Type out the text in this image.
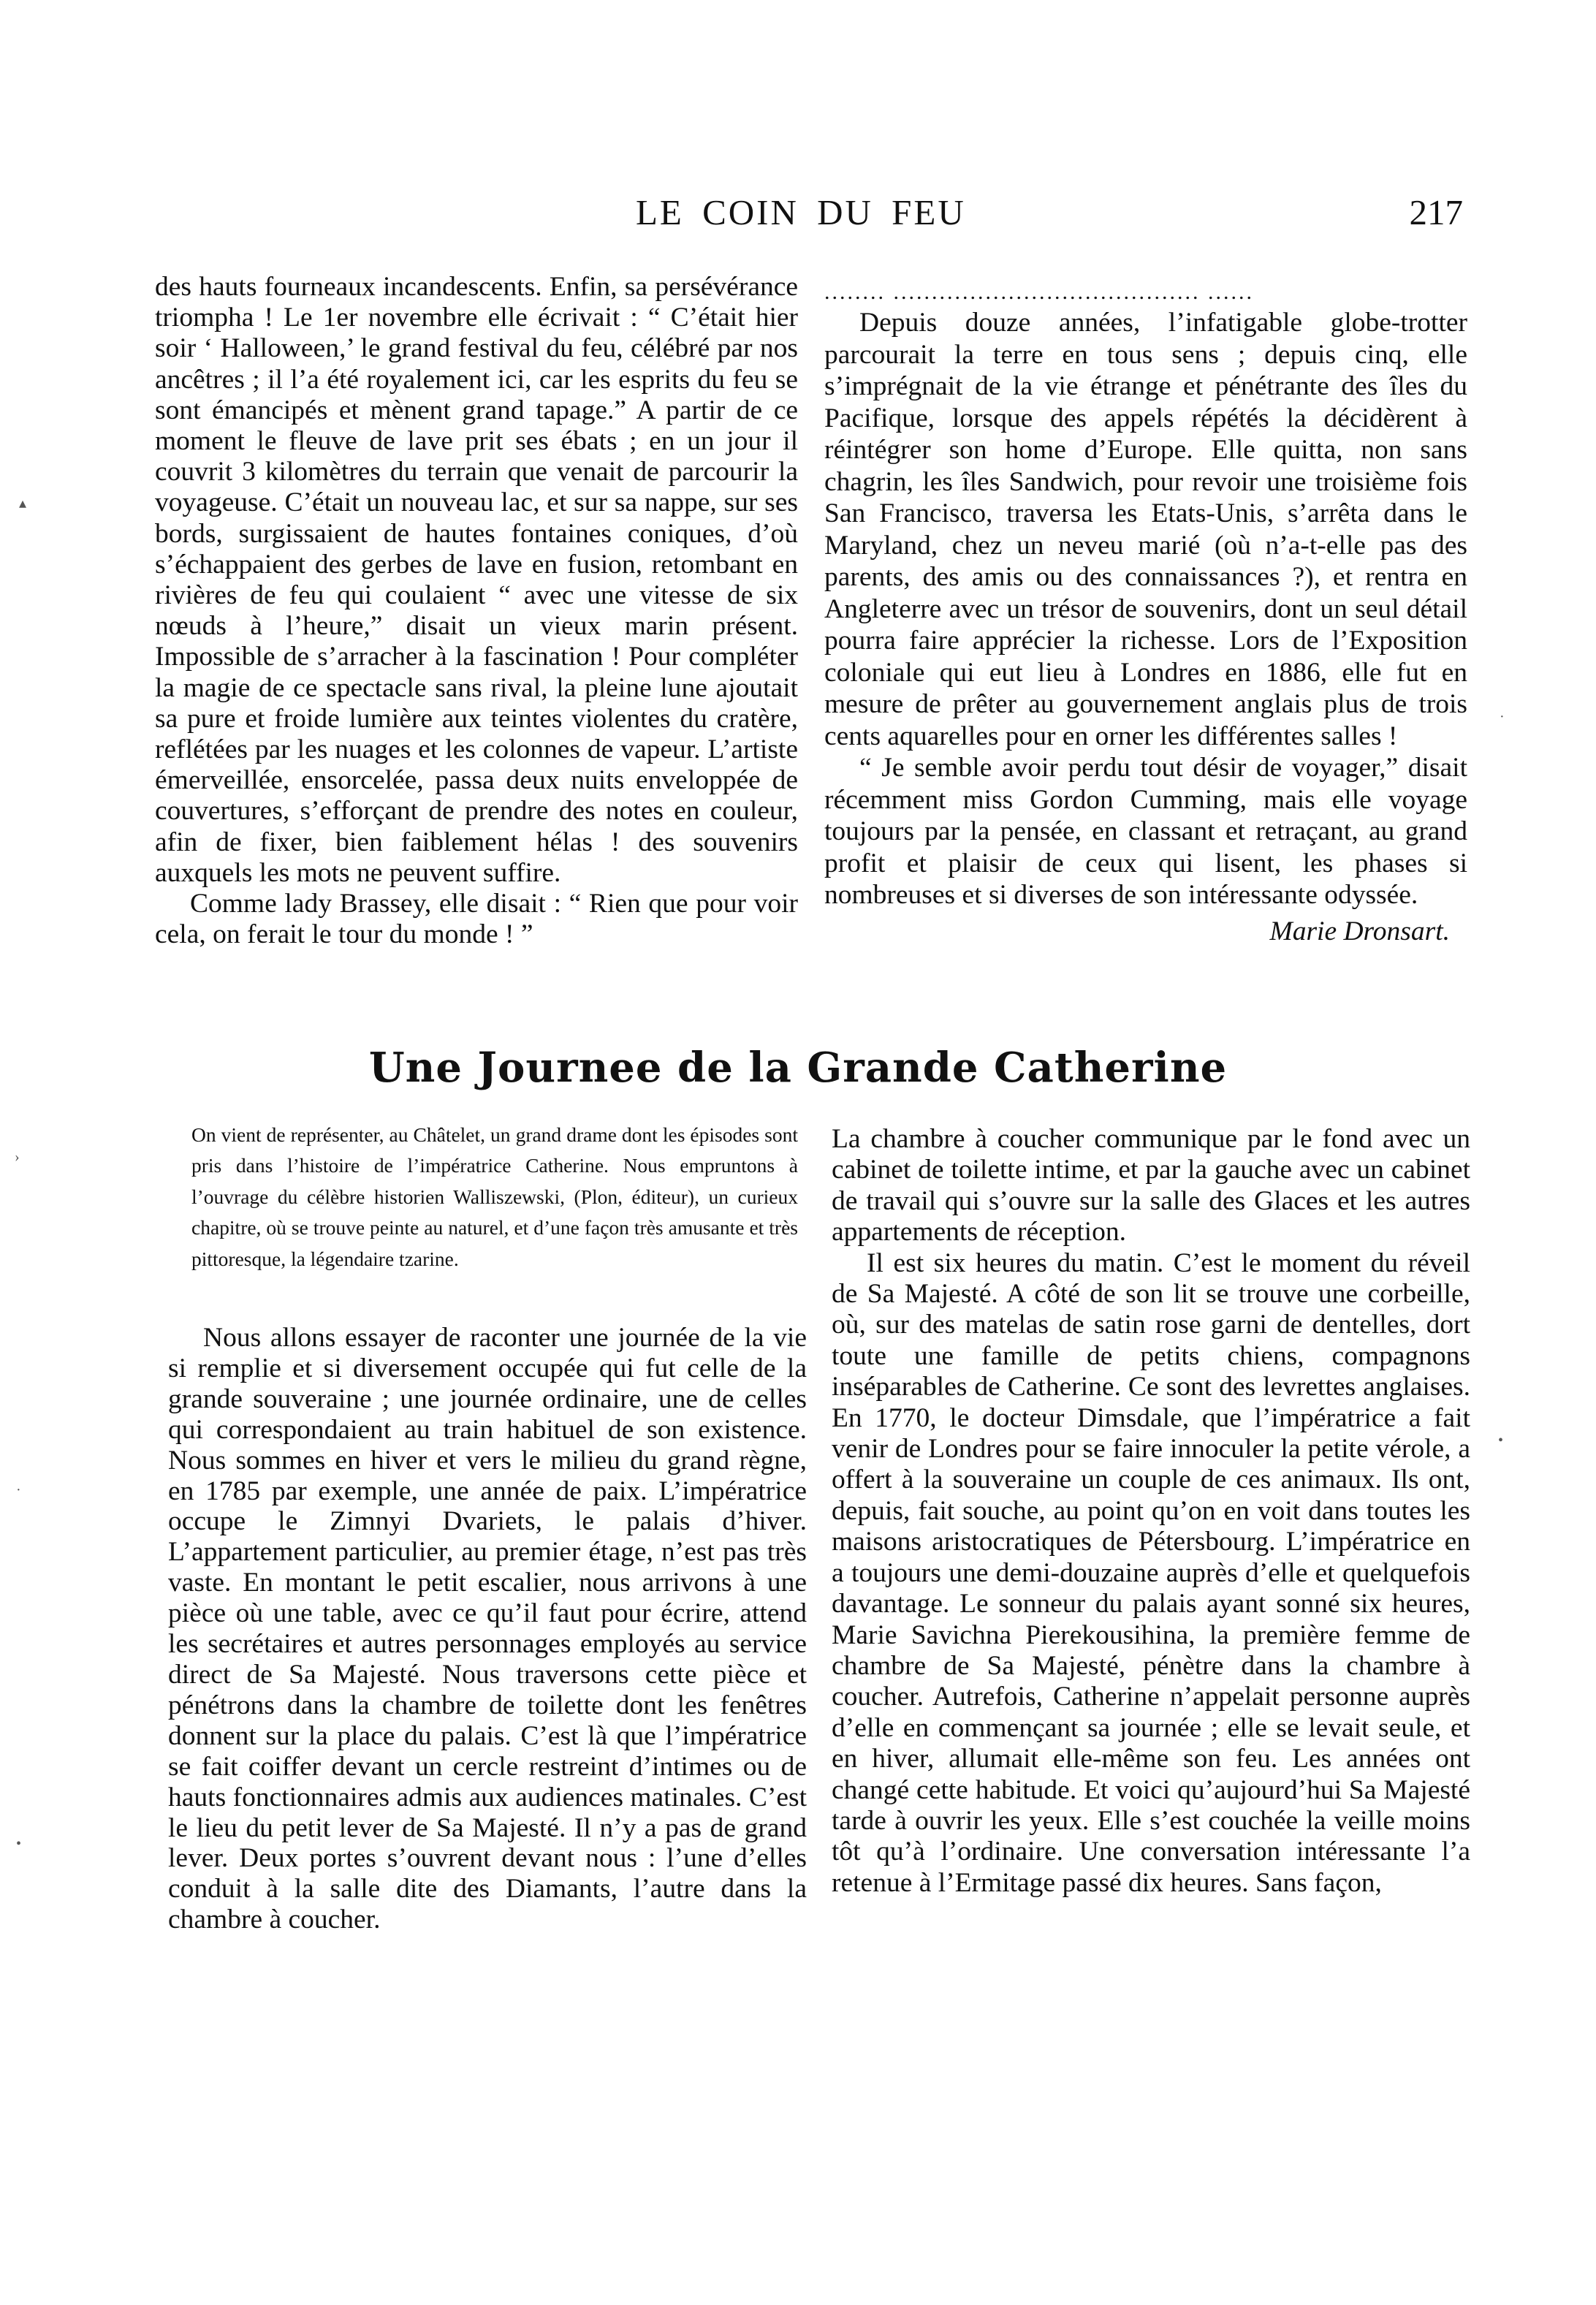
LE COIN DU FEU	217

des hauts fourneaux incandescents. Enfin, sa persévérance triompha ! Le 1er novembre elle écrivait : “ C’était hier soir ‘ Halloween,’ le grand festival du feu, célébré par nos ancêtres ; il l’a été royalement ici, car les esprits du feu se sont émancipés et mènent grand tapage.” A partir de ce moment le fleuve de lave prit ses ébats ; en un jour il couvrit 3 kilomètres du terrain que venait de parcourir la voyageuse. C’était un nouveau lac, et sur sa nappe, sur ses bords, surgissaient de hautes fontaines coniques, d’où s’échappaient des gerbes de lave en fusion, retombant en rivières de feu qui coulaient “ avec une vitesse de six nœuds à l’heure,” disait un vieux marin présent. Impossible de s’arracher à la fascination ! Pour compléter la magie de ce spectacle sans rival, la pleine lune ajoutait sa pure et froide lumière aux teintes violentes du cratère, reflétées par les nuages et les colonnes de vapeur. L’artiste émerveillée, ensorcelée, passa deux nuits enveloppée de couvertures, s’efforçant de prendre des notes en couleur, afin de fixer, bien faiblement hélas ! des souvenirs auxquels les mots ne peuvent suffire.

Comme lady Brassey, elle disait : “ Rien que pour voir cela, on ferait le tour du monde ! ”

........ ........................................ ......

Depuis douze années, l’infatigable globe-trotter parcourait la terre en tous sens ; depuis cinq, elle s’imprégnait de la vie étrange et pénétrante des îles du Pacifique, lorsque des appels répétés la décidèrent à réintégrer son home d’Europe. Elle quitta, non sans chagrin, les îles Sandwich, pour revoir une troisième fois San Francisco, traversa les Etats-Unis, s’arrêta dans le Maryland, chez un neveu marié (où n’a-t-elle pas des parents, des amis ou des connaissances ?), et rentra en Angleterre avec un trésor de souvenirs, dont un seul détail pourra faire apprécier la richesse. Lors de l’Exposition coloniale qui eut lieu à Londres en 1886, elle fut en mesure de prêter au gouvernement anglais plus de trois cents aquarelles pour en orner les différentes salles !

“ Je semble avoir perdu tout désir de voyager,” disait récemment miss Gordon Cumming, mais elle voyage toujours par la pensée, en classant et retraçant, au grand profit et plaisir de ceux qui lisent, les phases si nombreuses et si diverses de son intéressante odyssée.

Marie Dronsart.

Une Journee de la Grande Catherine
On vient de représenter, au Châtelet, un grand drame dont les épisodes sont pris dans l’histoire de l’impératrice Catherine. Nous empruntons à l’ouvrage du célèbre historien Walliszewski, (Plon, éditeur), un curieux chapitre, où se trouve peinte au naturel, et d’une façon très amusante et très pittoresque, la légendaire tzarine.

Nous allons essayer de raconter une journée de la vie si remplie et si diversement occupée qui fut celle de la grande souveraine ; une journée ordinaire, une de celles qui correspondaient au train habituel de son existence. Nous sommes en hiver et vers le milieu du grand règne, en 1785 par exemple, une année de paix. L’impératrice occupe le Zimnyi Dvariets, le palais d’hiver. L’appartement particulier, au premier étage, n’est pas très vaste. En montant le petit escalier, nous arrivons à une pièce où une table, avec ce qu’il faut pour écrire, attend les secrétaires et autres personnages employés au service direct de Sa Majesté. Nous traversons cette pièce et pénétrons dans la chambre de toilette dont les fenêtres donnent sur la place du palais. C’est là que l’impératrice se fait coiffer devant un cercle restreint d’intimes ou de hauts fonctionnaires admis aux audiences matinales. C’est le lieu du petit lever de Sa Majesté. Il n’y a pas de grand lever. Deux portes s’ouvrent devant nous : l’une d’elles conduit à la salle dite des Diamants, l’autre dans la chambre à coucher.

La chambre à coucher communique par le fond avec un cabinet de toilette intime, et par la gauche avec un cabinet de travail qui s’ouvre sur la salle des Glaces et les autres appartements de réception.

Il est six heures du matin. C’est le moment du réveil de Sa Majesté. A côté de son lit se trouve une corbeille, où, sur des matelas de satin rose garni de dentelles, dort toute une famille de petits chiens, compagnons inséparables de Catherine. Ce sont des levrettes anglaises. En 1770, le docteur Dimsdale, que l’impératrice a fait venir de Londres pour se faire innoculer la petite vérole, a offert à la souveraine un couple de ces animaux. Ils ont, depuis, fait souche, au point qu’on en voit dans toutes les maisons aristocratiques de Pétersbourg. L’impératrice en a toujours une demi-douzaine auprès d’elle et quelquefois davantage. Le sonneur du palais ayant sonné six heures, Marie Savichna Pierekousihina, la première femme de chambre de Sa Majesté, pénètre dans la chambre à coucher. Autrefois, Catherine n’appelait personne auprès d’elle en commençant sa journée ; elle se levait seule, et en hiver, allumait elle-même son feu. Les années ont changé cette habitude. Et voici qu’aujourd’hui Sa Majesté tarde à ouvrir les yeux. Elle s’est couchée la veille moins tôt qu’à l’ordinaire. Une conversation intéressante l’a retenue à l’Ermitage passé dix heures. Sans façon,

▴
›
·
•
·
•
